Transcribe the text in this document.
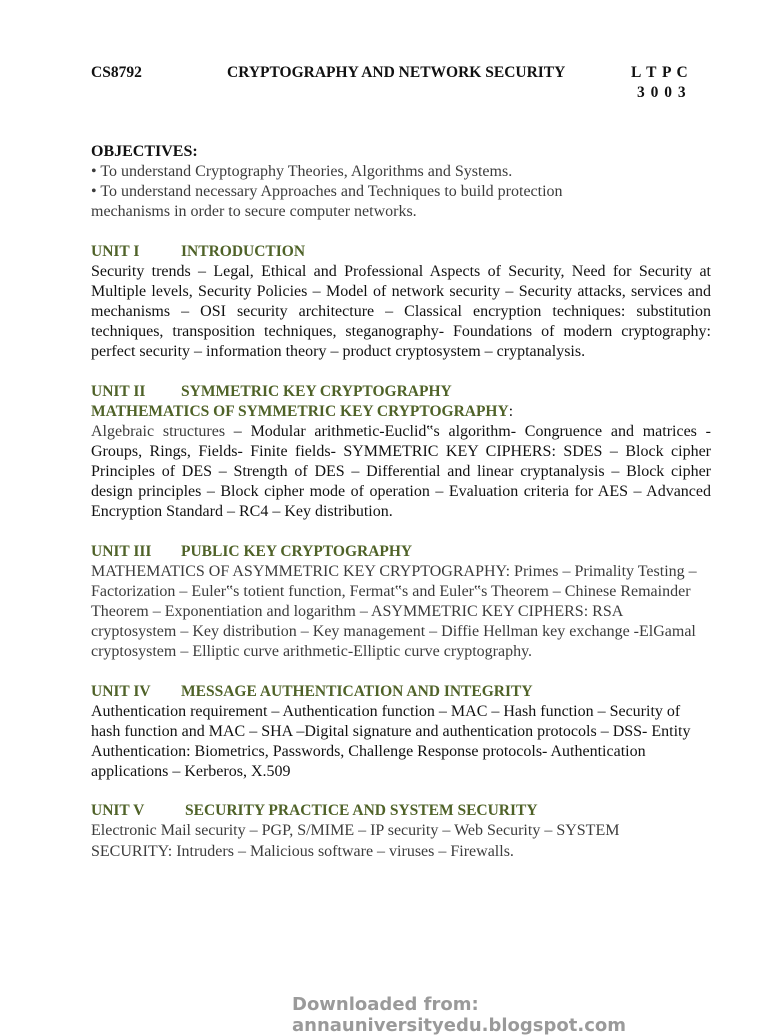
CS8792	CRYPTOGRAPHY AND NETWORK SECURITY	L T P C
3 0 0 3
OBJECTIVES:

• To understand Cryptography Theories, Algorithms and Systems.

• To understand necessary Approaches and Techniques to build protection mechanisms in order to secure computer networks.

UNIT I	INTRODUCTION

Security trends – Legal, Ethical and Professional Aspects of Security, Need for Security at Multiple levels, Security Policies – Model of network security – Security attacks, services and mechanisms – OSI security architecture – Classical encryption techniques: substitution techniques, transposition techniques, steganography- Foundations of modern cryptography: perfect security – information theory – product cryptosystem – cryptanalysis.

UNIT II SYMMETRIC KEY CRYPTOGRAPHY
MATHEMATICS OF SYMMETRIC KEY CRYPTOGRAPHY:

Algebraic structures – Modular arithmetic-Euclid‟s algorithm- Congruence and matrices - Groups, Rings, Fields- Finite fields- SYMMETRIC KEY CIPHERS: SDES – Block cipher Principles of DES – Strength of DES – Differential and linear cryptanalysis – Block cipher design principles – Block cipher mode of operation – Evaluation criteria for AES – Advanced Encryption Standard – RC4 – Key distribution.

UNIT III PUBLIC KEY CRYPTOGRAPHY

MATHEMATICS OF ASYMMETRIC KEY CRYPTOGRAPHY: Primes – Primality Testing –Factorization – Euler‟s totient function, Fermat‟s and Euler‟s Theorem – Chinese Remainder Theorem – Exponentiation and logarithm – ASYMMETRIC KEY CIPHERS: RSA cryptosystem – Key distribution – Key management – Diffie Hellman key exchange -ElGamal cryptosystem – Elliptic curve arithmetic-Elliptic curve cryptography.

UNIT IV MESSAGE AUTHENTICATION AND INTEGRITY

Authentication requirement – Authentication function – MAC – Hash function – Security of hash function and MAC – SHA –Digital signature and authentication protocols – DSS- Entity Authentication: Biometrics, Passwords, Challenge Response protocols- Authentication applications – Kerberos, X.509

UNIT V	SECURITY PRACTICE AND SYSTEM SECURITY

Electronic Mail security – PGP, S/MIME – IP security – Web Security – SYSTEM SECURITY: Intruders – Malicious software – viruses – Firewalls.

Downloaded from: annauniversityedu.blogspot.com
